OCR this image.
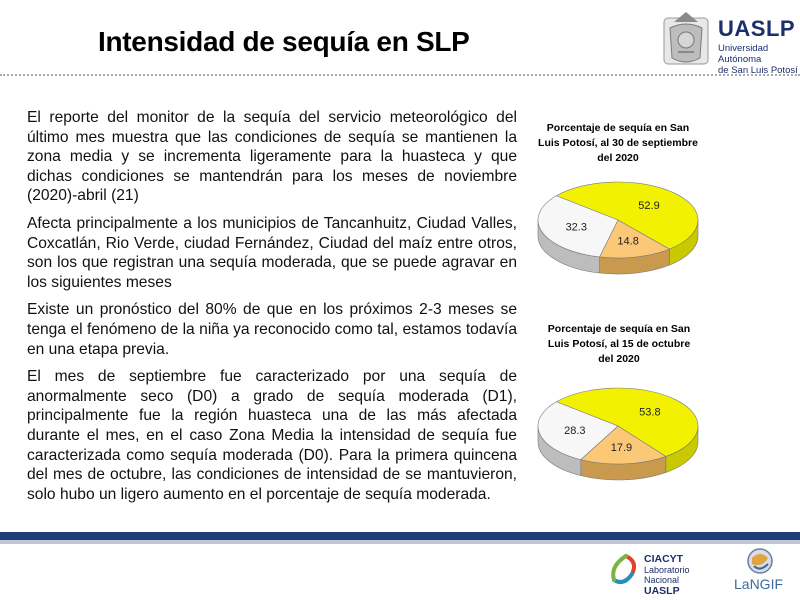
Intensidad de sequía en SLP	UASLP
Universidad Autónoma
de San Luis Potosí

El reporte del monitor de la sequía del servicio meteorológico del último mes muestra que las condiciones de sequía se mantienen la zona media y se incrementa ligeramente para la huasteca y que dichas condiciones se mantendrán para los meses de noviembre (2020)-abril (21)

Afecta principalmente a los municipios de Tancanhuitz, Ciudad Valles, Coxcatlán, Rio Verde, ciudad Fernández, Ciudad del maíz entre otros, son los que registran una sequía moderada, que se puede agravar en los siguientes meses

Existe un pronóstico del 80% de que en los próximos 2-3 meses se tenga el fenómeno de la niña ya reconocido como tal, estamos todavía en una etapa previa.

El mes de septiembre fue caracterizado por una sequía de anormalmente seco (D0) a grado de sequía moderada (D1), principalmente fue la región huasteca una de las más afectada durante el mes, en el caso Zona Media la intensidad de sequía fue caracterizada como sequía moderada (D0). Para la primera quincena del mes de octubre, las condiciones de intensidad de se mantuvieron, solo hubo un ligero aumento en el porcentaje de sequía moderada.

Porcentaje de sequía en San Luis Potosí, al 30 de septiembre del 2020
52.9
14.8
32.3
Porcentaje de sequía en San Luis Potosí, al 15 de octubre del 2020
53.8
17.9
28.3
CIACYT
Laboratorio Nacional
UASLP	LaNGIF
